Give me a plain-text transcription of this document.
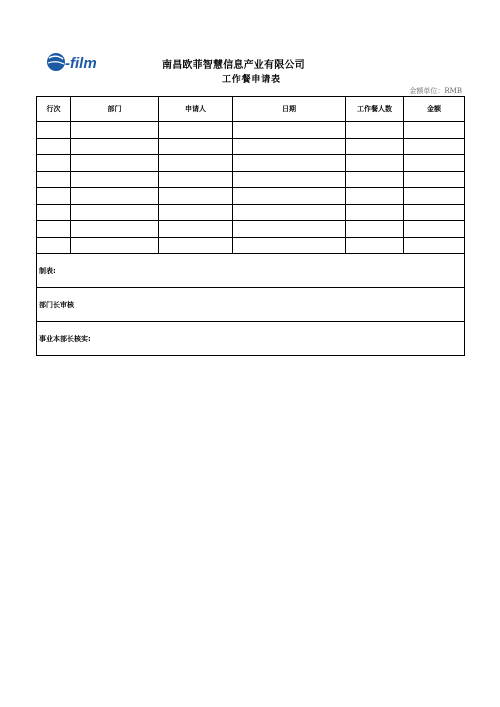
-film	南昌欧菲智慧信息产业有限公司
工作餐申请表
金额单位：RMB
行次	部门	申请人	日期	工作餐人数	金额

制表:					
部门长审核					
事业本部长核实:					
